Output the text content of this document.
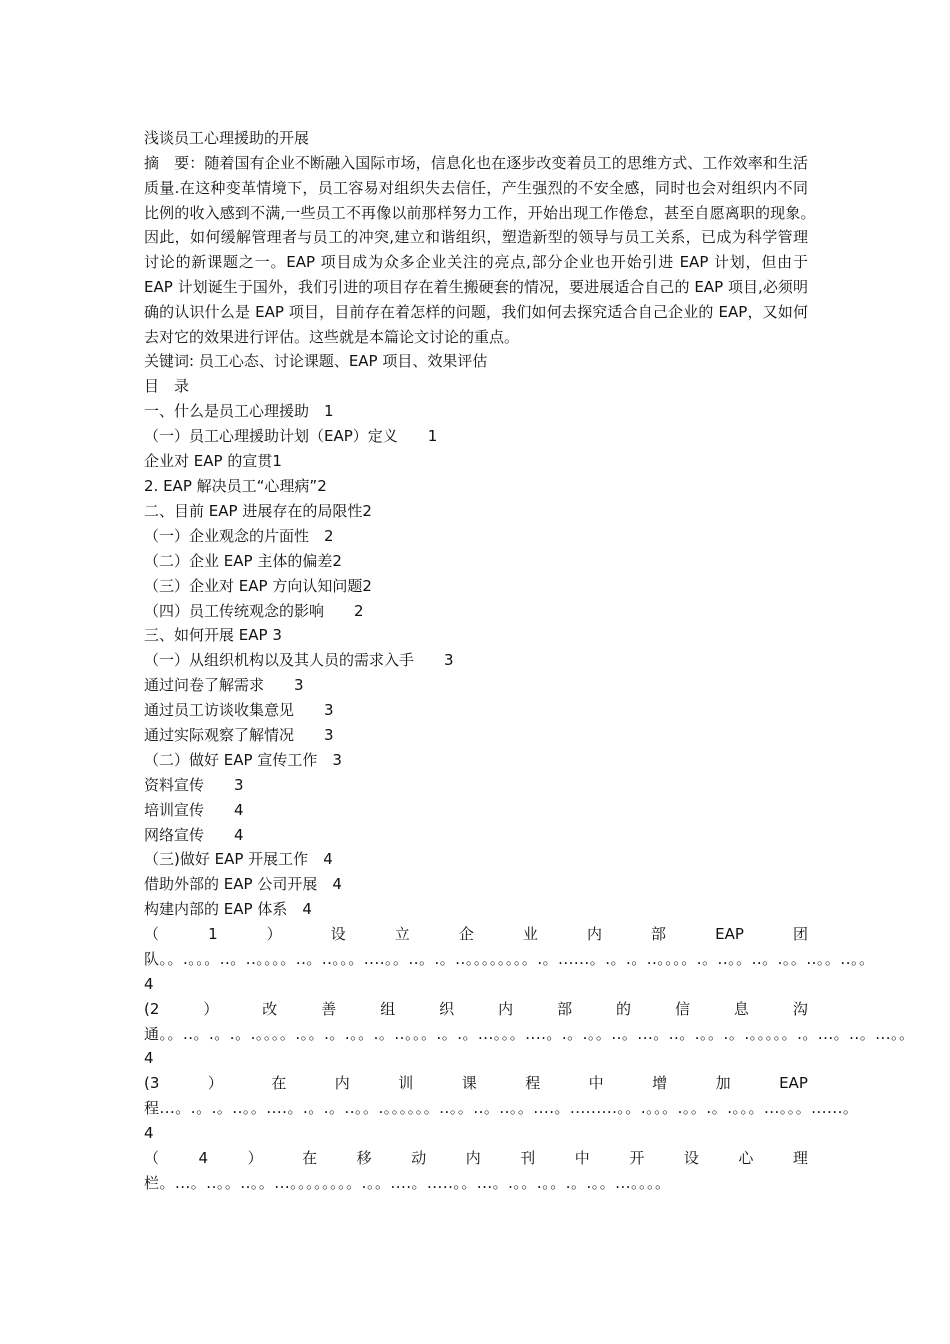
浅谈员工心理援助的开展

摘　要：随着国有企业不断融入国际市场，信息化也在逐步改变着员工的思维方式、工作效率和生活质量.在这种变革情境下，员工容易对组织失去信任，产生强烈的不安全感，同时也会对组织内不同比例的收入感到不满,一些员工不再像以前那样努力工作，开始出现工作倦怠，甚至自愿离职的现象。　因此，如何缓解管理者与员工的冲突,建立和谐组织，塑造新型的领导与员工关系，已成为科学管理讨论的新课题之一。EAP 项目成为众多企业关注的亮点,部分企业也开始引进 EAP 计划，但由于 EAP 计划诞生于国外，我们引进的项目存在着生搬硬套的情况，要进展适合自己的 EAP 项目,必须明确的认识什么是 EAP 项目，目前存在着怎样的问题，我们如何去探究适合自己企业的 EAP，又如何去对它的效果进行评估。这些就是本篇论文讨论的重点。

关键词: 员工心态、讨论课题、EAP 项目、效果评估
目　录
一、什么是员工心理援助　1
（一）员工心理援助计划（EAP）定义　　1
企业对 EAP 的宣贯1
2. EAP 解决员工“心理病”2
二、目前 EAP 进展存在的局限性2
（一）企业观念的片面性　2
（二）企业 EAP 主体的偏差2
（三）企业对 EAP 方向认知问题2
（四）员工传统观念的影响　　2
三、如何开展 EAP 3
（一）从组织机构以及其人员的需求入手　　3
通过问卷了解需求　　3
通过员工访谈收集意见　　3
通过实际观察了解情况　　3
（二）做好 EAP 宣传工作　3
资料宣传　　3
培训宣传　　4
网络宣传　　4
（三)做好 EAP 开展工作　4
借助外部的 EAP 公司开展　4
构建内部的 EAP 体系　4
（	1	）	设	立	企	业	内	部	EAP	团
队。。.。。。..。..。。。。..。..。。。....。。..。.。..。。。。。。。。.。......。.。.。..。。。。.。..。。..。.。。..。。..。。4
(2	）	改	善	组	织	内	部	的	信	息	沟
通。。..。.。.。.。。。。.。。.。.。。.。..。。。.。.。...。。。....。.。.。。..。...。..。.。。.。.。。。。。.。...。..。...。。4
(3	）	在	内	训	课	程	中	增	加	EAP
程...。.。.。..。。....。.。.。..。。.。。。。。。..。。..。..。。....。.........。。.。。。.。。.。.。。。...。。。......。4
（	4	）	在	移	动	内	刊	中	开	设	心	理
栏。...。..。。..。。...。。。。。。。。.。。....。.....。。...。.。。.。。.。.。。...。。。。
